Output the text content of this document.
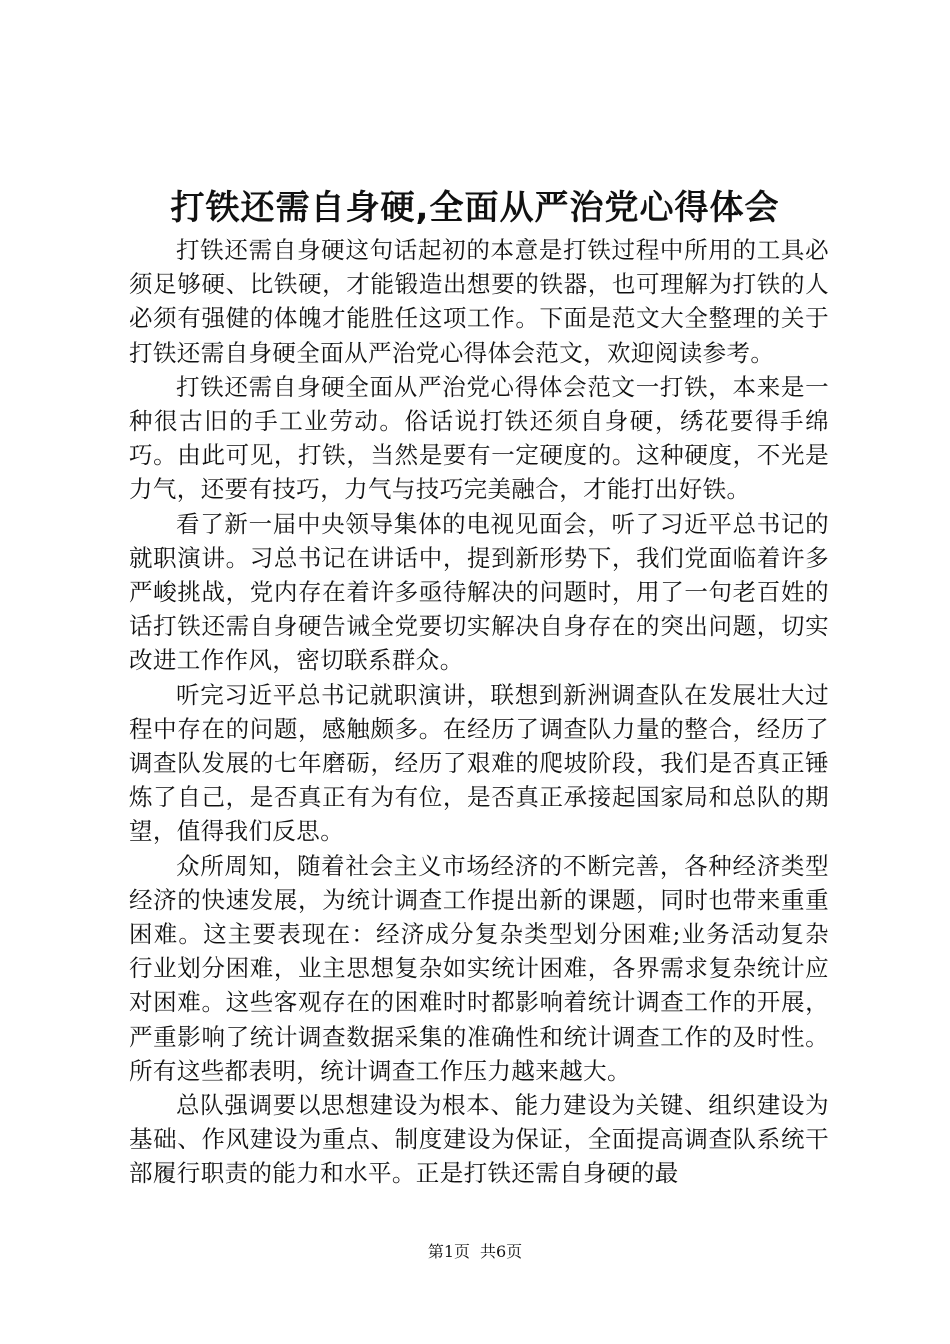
打铁还需自身硬,全面从严治党心得体会

打铁还需自身硬这句话起初的本意是打铁过程中所用的工具必须足够硬、比铁硬，才能锻造出想要的铁器，也可理解为打铁的人必须有强健的体魄才能胜任这项工作。下面是范文大全整理的关于打铁还需自身硬全面从严治党心得体会范文，欢迎阅读参考。

打铁还需自身硬全面从严治党心得体会范文一打铁，本来是一种很古旧的手工业劳动。俗话说打铁还须自身硬，绣花要得手绵巧。由此可见，打铁，当然是要有一定硬度的。这种硬度，不光是力气，还要有技巧，力气与技巧完美融合，才能打出好铁。

看了新一届中央领导集体的电视见面会，听了习近平总书记的就职演讲。习总书记在讲话中，提到新形势下，我们党面临着许多严峻挑战，党内存在着许多亟待解决的问题时，用了一句老百姓的话打铁还需自身硬告诫全党要切实解决自身存在的突出问题，切实改进工作作风，密切联系群众。

听完习近平总书记就职演讲，联想到新洲调查队在发展壮大过程中存在的问题，感触颇多。在经历了调查队力量的整合，经历了调查队发展的七年磨砺，经历了艰难的爬坡阶段，我们是否真正锤炼了自己，是否真正有为有位，是否真正承接起国家局和总队的期望，值得我们反思。

众所周知，随着社会主义市场经济的不断完善，各种经济类型经济的快速发展，为统计调查工作提出新的课题，同时也带来重重困难。这主要表现在：经济成分复杂类型划分困难;业务活动复杂行业划分困难，业主思想复杂如实统计困难，各界需求复杂统计应对困难。这些客观存在的困难时时都影响着统计调查工作的开展，严重影响了统计调查数据采集的准确性和统计调查工作的及时性。所有这些都表明，统计调查工作压力越来越大。

总队强调要以思想建设为根本、能力建设为关键、组织建设为基础、作风建设为重点、制度建设为保证，全面提高调查队系统干部履行职责的能力和水平。正是打铁还需自身硬的最

第1页 共6页
